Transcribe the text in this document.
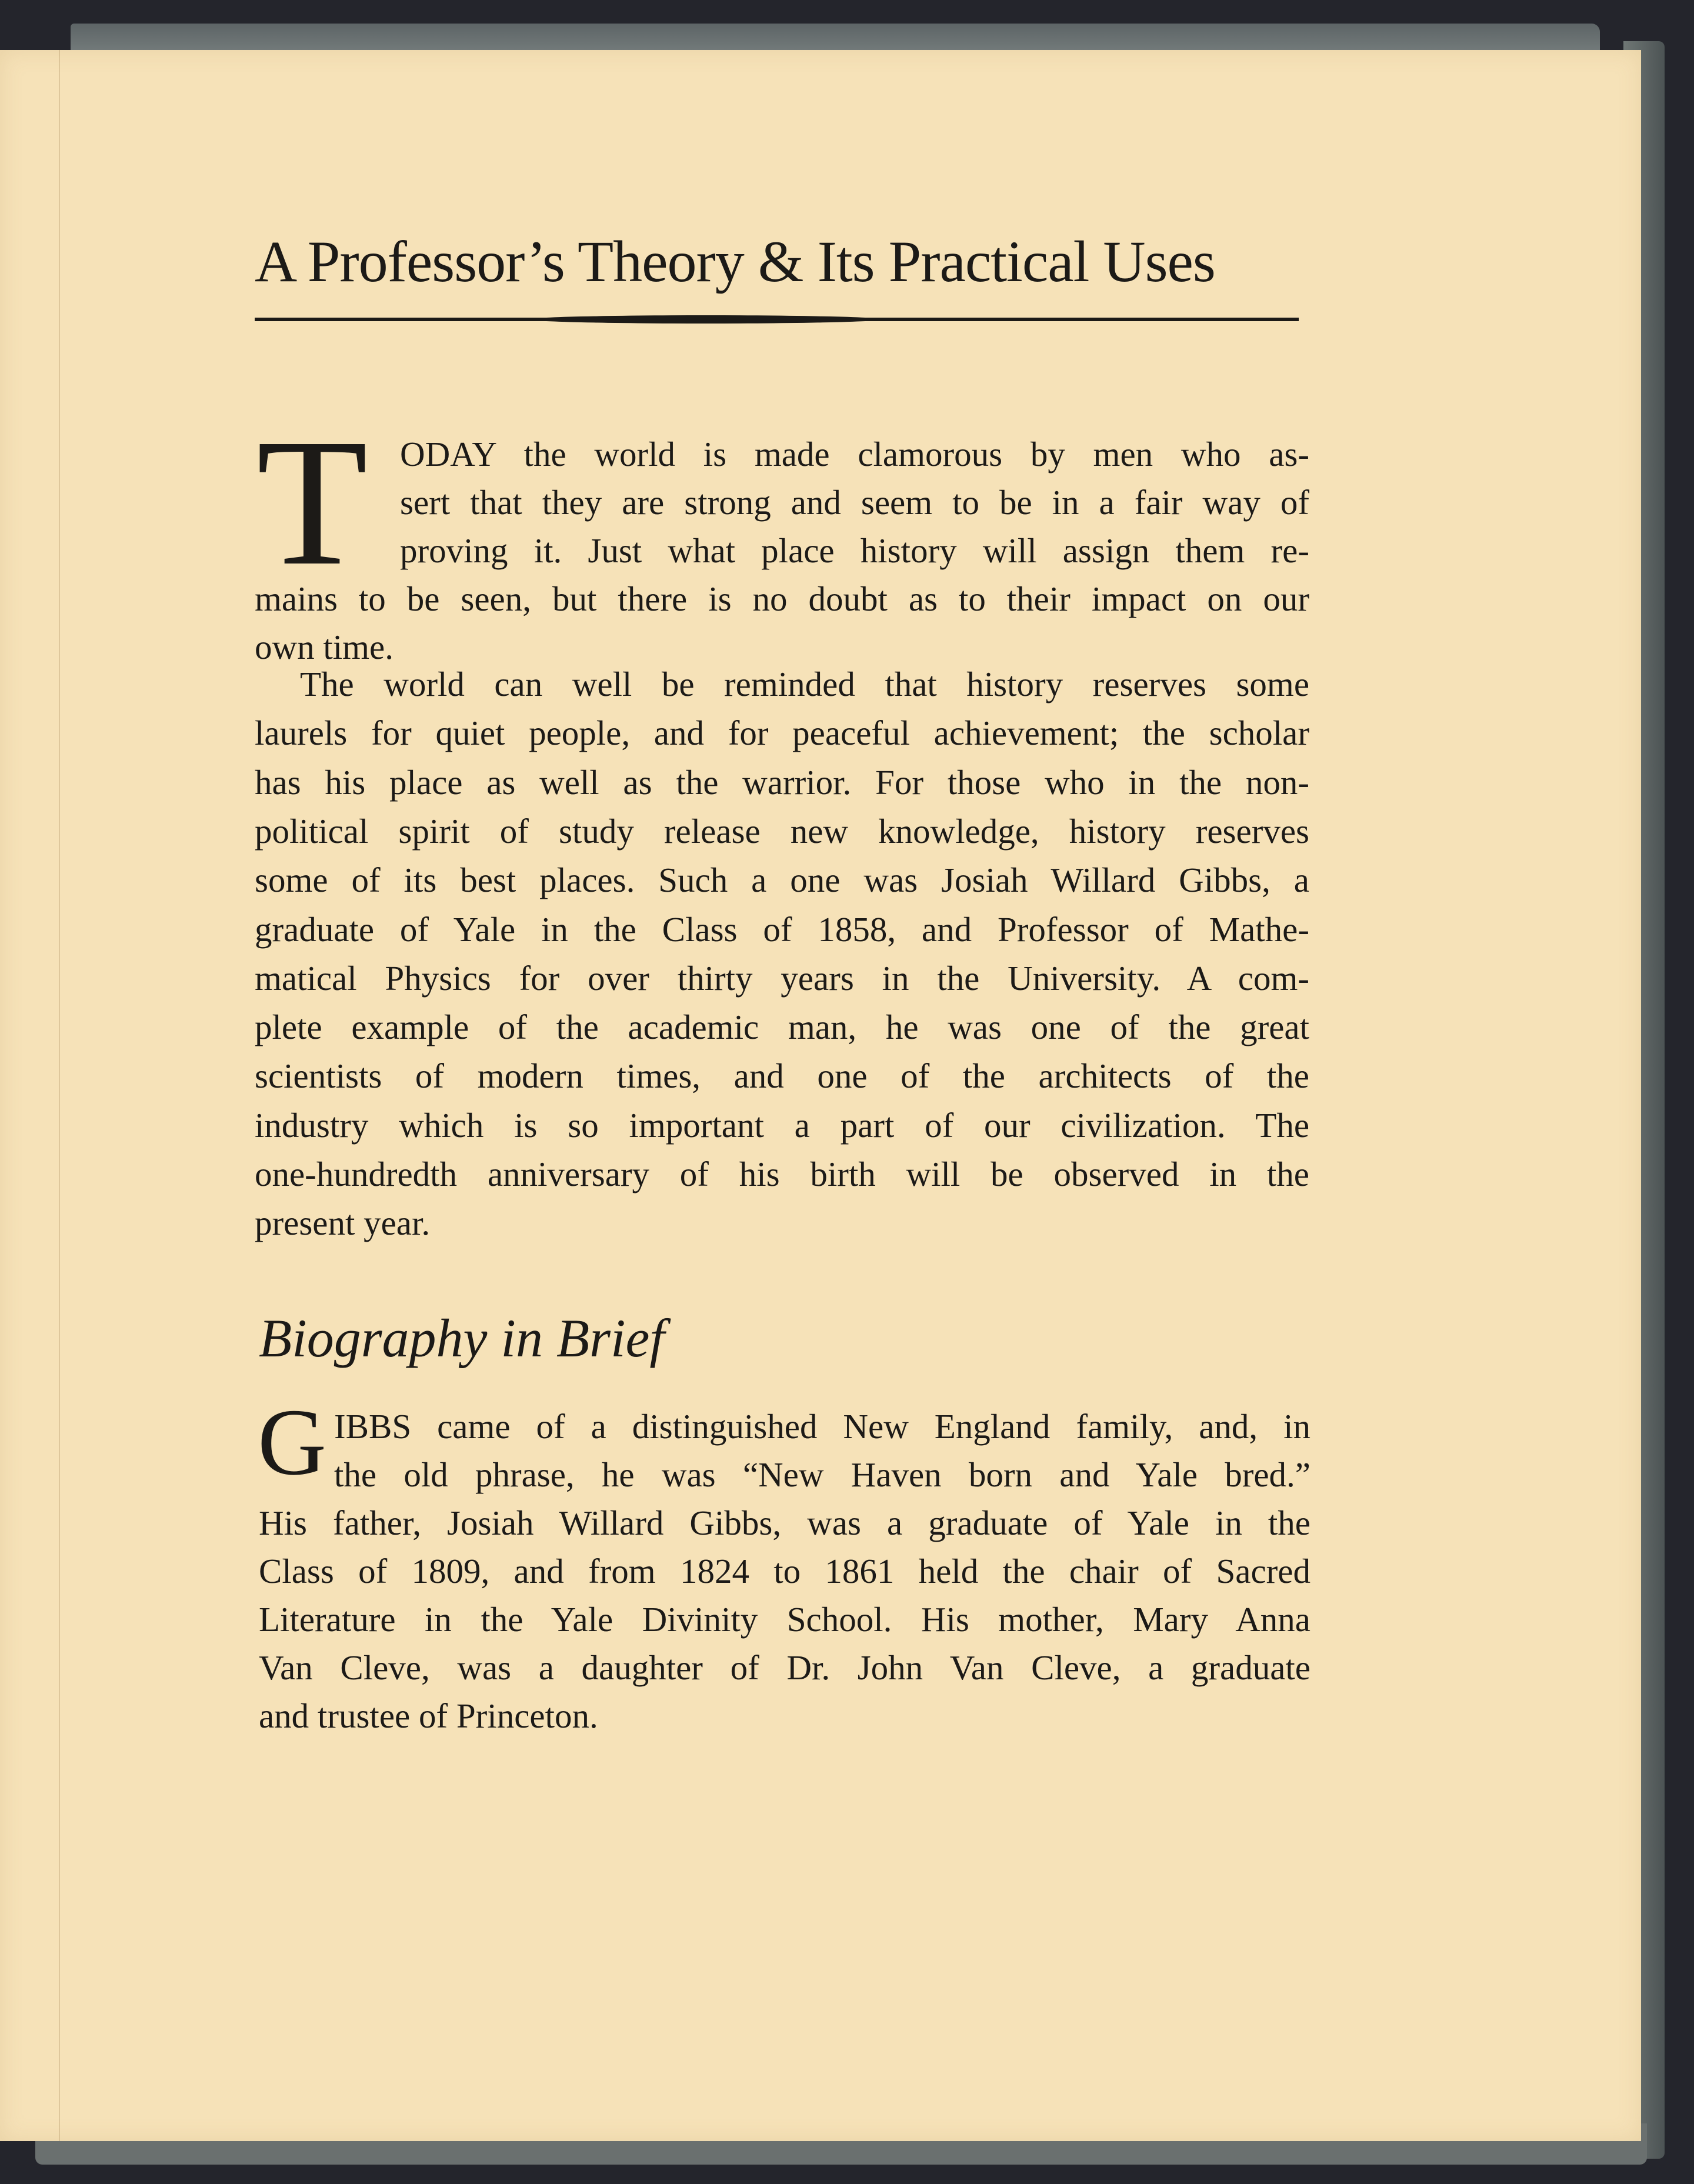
A Professor’s Theory & Its Practical Uses
T ODAY the world is made clamorous by men who as-
sert that they are strong and seem to be in a fair way of
proving it. Just what place history will assign them re-
mains to be seen, but there is no doubt as to their impact on our
own time.
The world can well be reminded that history reserves some
laurels for quiet people, and for peaceful achievement; the scholar
has his place as well as the warrior. For those who in the non-
political spirit of study release new knowledge, history reserves
some of its best places. Such a one was Josiah Willard Gibbs, a
graduate of Yale in the Class of 1858, and Professor of Mathe-
matical Physics for over thirty years in the University. A com-
plete example of the academic man, he was one of the great
scientists of modern times, and one of the architects of the
industry which is so important a part of our civilization. The
one-hundredth anniversary of his birth will be observed in the
present year.
Biography in Brief
G IBBS came of a distinguished New England family, and, in
the old phrase, he was “New Haven born and Yale bred.”
His father, Josiah Willard Gibbs, was a graduate of Yale in the
Class of 1809, and from 1824 to 1861 held the chair of Sacred
Literature in the Yale Divinity School. His mother, Mary Anna
Van Cleve, was a daughter of Dr. John Van Cleve, a graduate
and trustee of Princeton.
